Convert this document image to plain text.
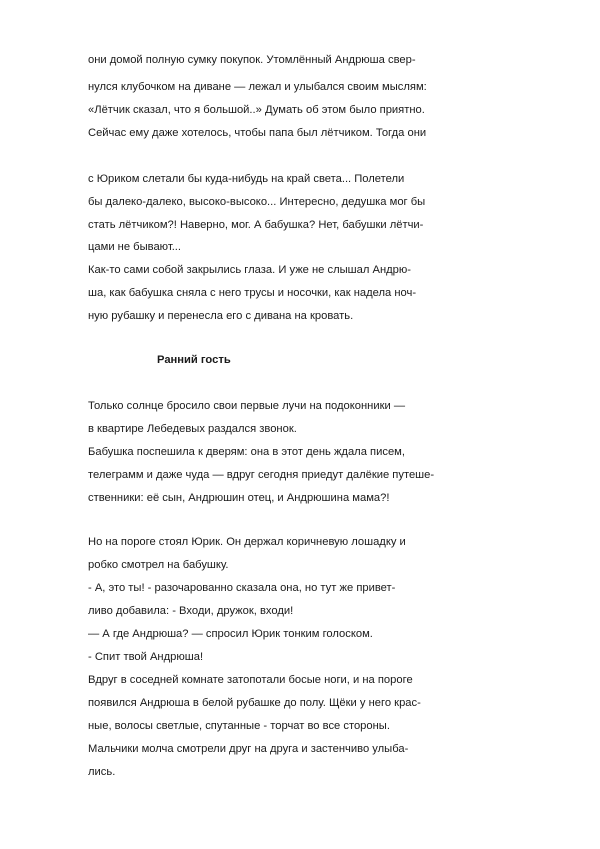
они домой полную сумку покупок. Утомлённый Андрюша свер-
нулся клубочком на диване — лежал и улыбался своим мыслям:
«Лётчик сказал, что я большой..» Думать об этом было приятно.
Сейчас ему даже хотелось, чтобы папа был лётчиком. Тогда они
с Юриком слетали бы куда-нибудь на край света... Полетели
бы далеко-далеко, высоко-высоко... Интересно, дедушка мог бы
стать лётчиком?! Наверно, мог. А бабушка? Нет, бабушки лётчи-
цами не бывают...
Как-то сами собой закрылись глаза. И уже не слышал Андрю-
ша, как бабушка сняла с него трусы и носочки, как надела ноч-
ную рубашку и перенесла его с дивана на кровать.
Ранний гость
Только солнце бросило свои первые лучи на подоконники —
в квартире Лебедевых раздался звонок.
Бабушка поспешила к дверям: она в этот день ждала писем,
телеграмм и даже чуда — вдруг сегодня приедут далёкие путеше-
ственники: её сын, Андрюшин отец, и Андрюшина мама?!
Но на пороге стоял Юрик. Он держал коричневую лошадку и
робко смотрел на бабушку.
- А, это ты! - разочарованно сказала она, но тут же привет-
ливо добавила: - Входи, дружок, входи!
— А где Андрюша? — спросил Юрик тонким голоском.
- Спит твой Андрюша!
Вдруг в соседней комнате затопотали босые ноги, и на пороге
появился Андрюша в белой рубашке до полу. Щёки у него крас-
ные, волосы светлые, спутанные - торчат во все стороны.
Мальчики молча смотрели друг на друга и застенчиво улыба-
лись.
